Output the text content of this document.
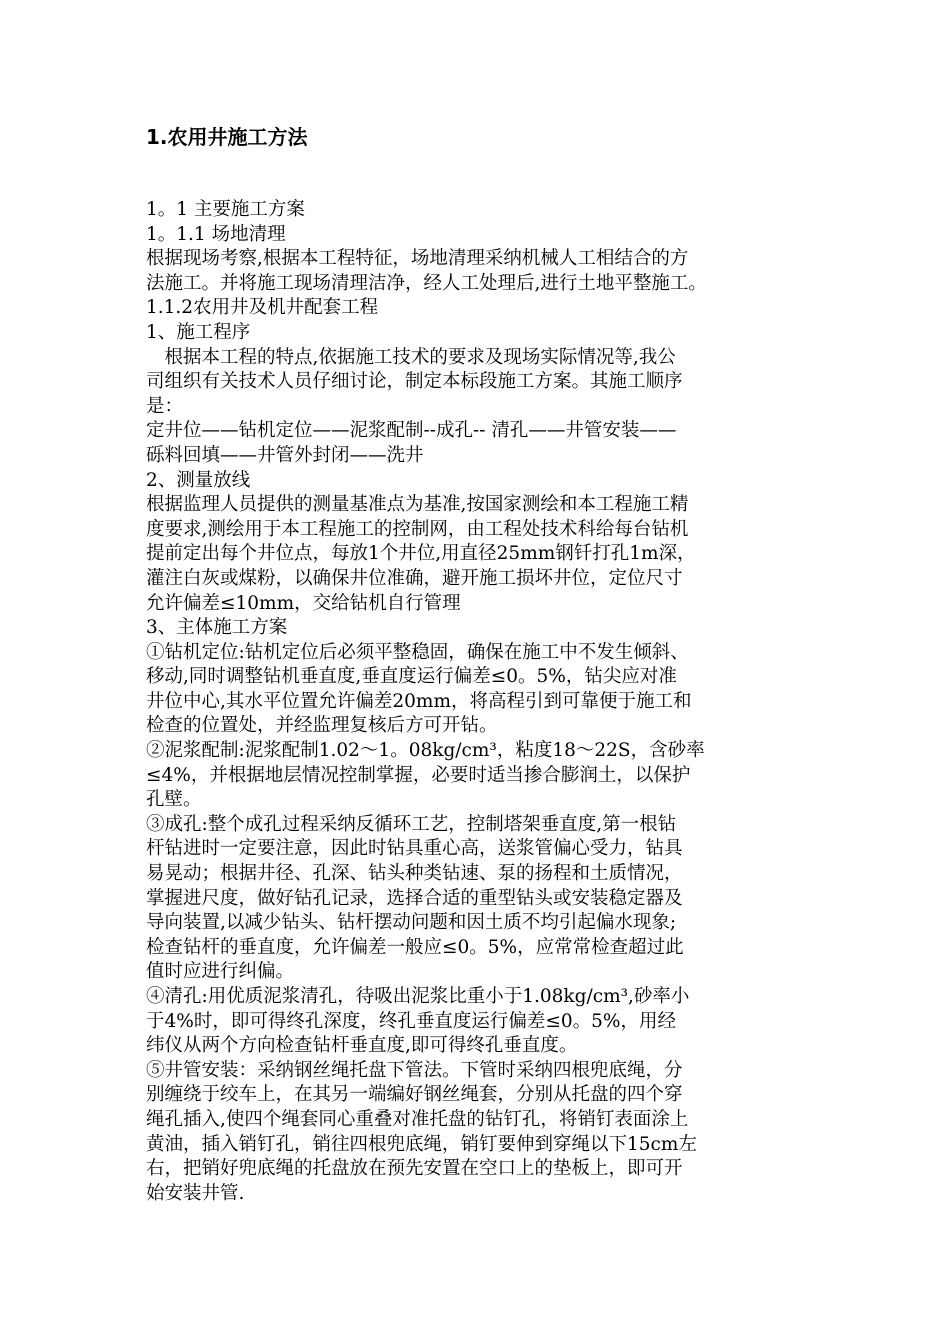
1.农用井施工方法
1。1 主要施工方案
1。1.1 场地清理
根据现场考察,根据本工程特征，场地清理采纳机械人工相结合的方
法施工。并将施工现场清理洁净，经人工处理后,进行土地平整施工。
1.1.2农用井及机井配套工程
1、施工程序
　根据本工程的特点,依据施工技术的要求及现场实际情况等,我公
司组织有关技术人员仔细讨论，制定本标段施工方案。其施工顺序
是：
定井位——钻机定位——泥浆配制--成孔-- 清孔——井管安装——
砾料回填——井管外封闭——洗井
2、测量放线
根据监理人员提供的测量基准点为基准,按国家测绘和本工程施工精
度要求,测绘用于本工程施工的控制网，由工程处技术科给每台钻机
提前定出每个井位点，每放1个井位,用直径25mm钢钎打孔1m深，
灌注白灰或煤粉，以确保井位准确，避开施工损坏井位，定位尺寸
允许偏差≤10mm，交给钻机自行管理
3、主体施工方案
①钻机定位:钻机定位后必须平整稳固，确保在施工中不发生倾斜、
移动,同时调整钻机垂直度,垂直度运行偏差≤0。5%，钻尖应对准
井位中心,其水平位置允许偏差20mm，将高程引到可靠便于施工和
检查的位置处，并经监理复核后方可开钻。
②泥浆配制:泥浆配制1.02～1。08kg/cm³，粘度18～22S，含砂率
≤4%，并根据地层情况控制掌握，必要时适当掺合膨润土，以保护
孔壁。
③成孔:整个成孔过程采纳反循环工艺，控制塔架垂直度,第一根钻
杆钻进时一定要注意，因此时钻具重心高，送浆管偏心受力，钻具
易晃动；根据井径、孔深、钻头种类钻速、泵的扬程和土质情况，
掌握进尺度，做好钻孔记录，选择合适的重型钻头或安装稳定器及
导向装置,以减少钻头、钻杆摆动问题和因土质不均引起偏水现象;
检查钻杆的垂直度，允许偏差一般应≤0。5%，应常常检查超过此
值时应进行纠偏。
④清孔:用优质泥浆清孔，待吸出泥浆比重小于1.08kg/cm³,砂率小
于4%时，即可得终孔深度，终孔垂直度运行偏差≤0。5%，用经
纬仪从两个方向检查钻杆垂直度,即可得终孔垂直度。
⑤井管安装：采纳钢丝绳托盘下管法。下管时采纳四根兜底绳，分
别缠绕于绞车上，在其另一端编好钢丝绳套，分别从托盘的四个穿
绳孔插入,使四个绳套同心重叠对准托盘的钻钉孔，将销钉表面涂上
黄油，插入销钉孔，销往四根兜底绳，销钉要伸到穿绳以下15cm左
右，把销好兜底绳的托盘放在预先安置在空口上的垫板上，即可开
始安装井管.
